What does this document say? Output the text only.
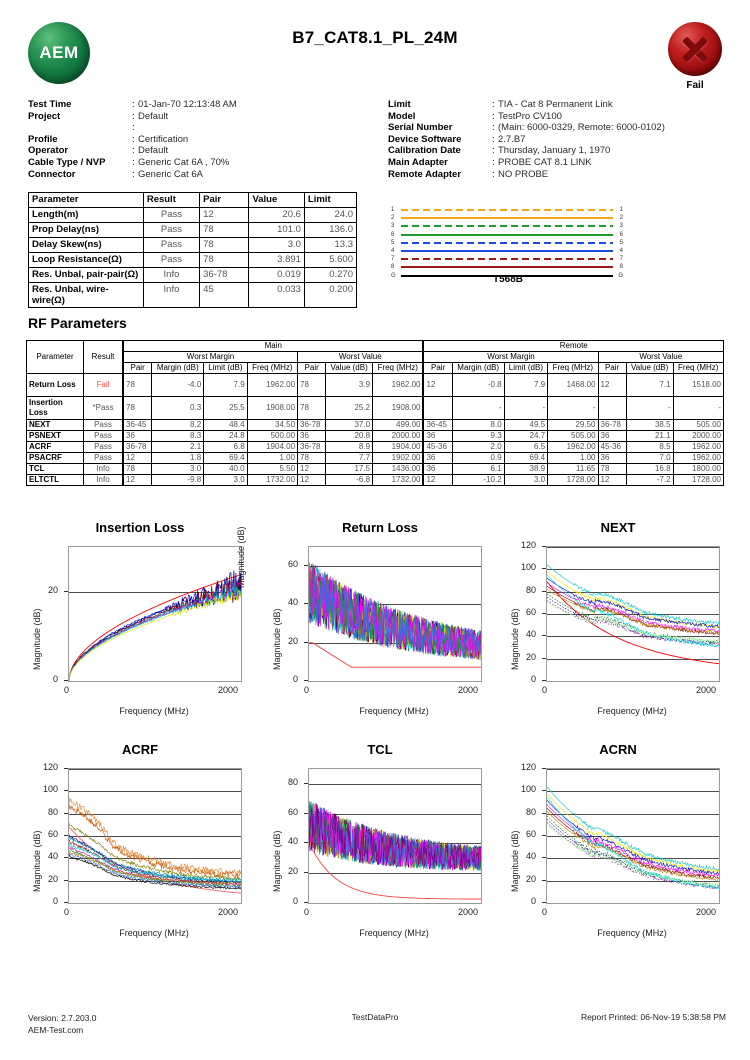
AEM
B7_CAT8.1_PL_24M
Fail
Test Time	: 01-Jan-70 12:13:48 AM
Project	: Default
:
Profile	: Certification
Operator	: Default
Cable Type / NVP	: Generic Cat 6A , 70%
Connector	: Generic Cat 6A
Limit	: TIA - Cat 8 Permanent Link
Model	: TestPro CV100
Serial Number	: (Main: 6000-0329, Remote: 6000-0102)
Device Software	: 2.7.B7
Calibration Date	: Thursday, January 1, 1970
Main Adapter	: PROBE CAT 8.1 LINK
Remote Adapter	: NO PROBE
Parameter	Result	Pair	Value	Limit
Length(m)	Pass	12	20.6	24.0
Prop Delay(ns)	Pass	78	101.0	136.0
Delay Skew(ns)	Pass	78	3.0	13.3
Loop Resistance(Ω)	Pass	78	3.891	5.600
Res. Unbal, pair-pair(Ω)	Info	36-78	0.019	0.270
Res. Unbal, wire-wire(Ω)	Info	45	0.033	0.200
1	1
2	2
3	3
6	6
5	5
4	4
7	7
8	8
G	G
T568B
RF Parameters
Parameter	Result	Main							Remote						
		Worst Margin				Worst Value			Worst Margin				Worst Value		
		Pair	Margin (dB)	Limit (dB)	Freq (MHz)	Pair	Value (dB)	Freq (MHz)	Pair	Margin (dB)	Limit (dB)	Freq (MHz)	Pair	Value (dB)	Freq (MHz)
Return Loss	Fail	78	-4.0	7.9	1962.00	78	3.9	1962.00	12	-0.8	7.9	1468.00	12	7.1	1518.00
Insertion Loss	*Pass	78	0.3	25.5	1908.00	78	25.2	1908.00		-	-	-		-	-
NEXT	Pass	36-45	8.2	48.4	34.50	36-78	37.0	499.00	36-45	8.0	49.5	29.50	36-78	38.5	505.00
PSNEXT	Pass	36	8.3	24.8	500.00	36	20.8	2000.00	36	9.3	24.7	505.00	36	21.1	2000.00
ACRF	Pass	36-78	2.1	6.8	1904.00	36-78	8.9	1904.00	45-36	2.0	6.5	1962.00	45-36	8.5	1962.00
PSACRF	Pass	12	1.8	69.4	1.00	78	7.7	1902.00	36	0.9	69.4	1.00	36	7.0	1962.00
TCL	Info	78	3.0	40.0	5.50	12	17.5	1436.00	36	6.1	38.9	11.65	78	16.8	1800.00
ELTCTL	Info	12	-9.8	3.0	1732.00	12	-6.8	1732.00	12	-10.2	3.0	1728.00	12	-7.2	1728.00
Insertion Loss
0
20
Magnitude (dB)
0	2000
Frequency (MHz)
Return Loss
0
20
40
60
Magnitude (dB)
0	2000
Frequency (MHz)
NEXT
0
20
40
60
80
100
120
Magnitude (dB)
0	2000
Frequency (MHz)
ACRF
0
20
40
60
80
100
120
Magnitude (dB)
0	2000
Frequency (MHz)
TCL
0
20
40
60
80
Magnitude (dB)
0	2000
Frequency (MHz)
ACRN
0
20
40
60
80
100
120
Magnitude (dB)
0	2000
Frequency (MHz)
Magnitude (dB)
Version: 2.7.203.0
AEM-Test.com
TestDataPro	Report Printed: 06-Nov-19 5:38:58 PM
